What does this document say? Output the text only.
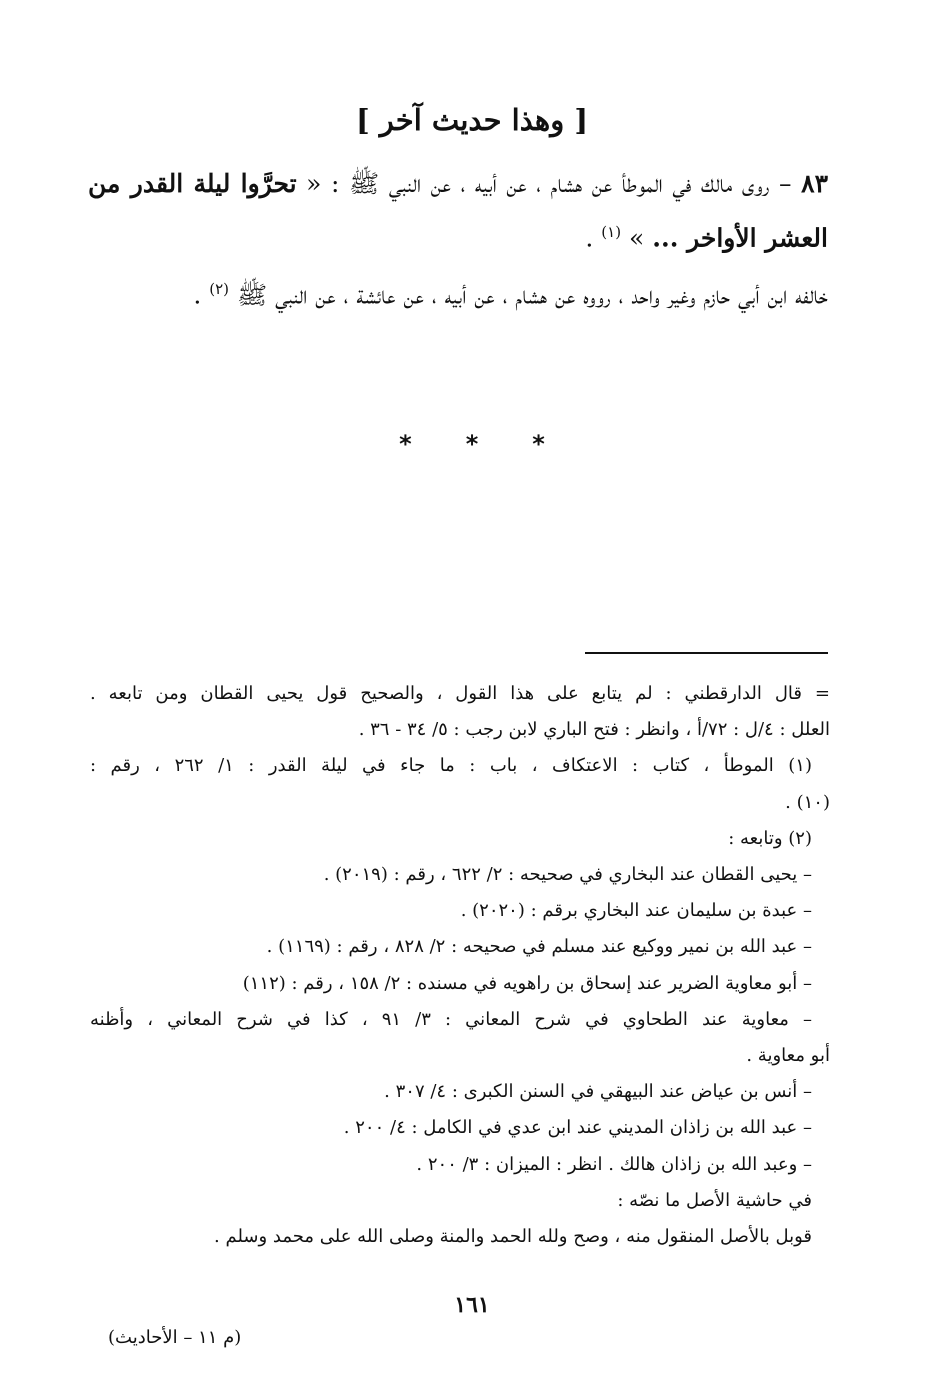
[ وهذا حديث آخر ]
٨٣ – روى مالك في الموطأ عن هشام ، عن أبيه ، عن النبي ﷺ : « تحرَّوا ليلة القدر من العشر الأواخر ... » $^{(١)}$ .
خالفه ابن أبي حازم وغير واحد ، رووه عن هشام ، عن أبيه ، عن عائشة ، عن النبي ﷺ $^{(٢)}$ .
* * *
= قال الدارقطني : لم يتابع على هذا القول ، والصحيح قول يحيى القطان ومن تابعه .
العلل : ٤/ل : ٧٢/أ ، وانظر : فتح الباري لابن رجب : ٥/ ٣٤ - ٣٦ .
(١) الموطأ ، كتاب : الاعتكاف ، باب : ما جاء في ليلة القدر : ١/ ٢٦٢ ، رقم :
(١٠) .
(٢) وتابعه :
– يحيى القطان عند البخاري في صحيحه : ٢/ ٦٢٢ ، رقم : (٢٠١٩) .
– عبدة بن سليمان عند البخاري برقم : (٢٠٢٠) .
– عبد الله بن نمير ووكيع عند مسلم في صحيحه : ٢/ ٨٢٨ ، رقم : (١١٦٩) .
– أبو معاوية الضرير عند إسحاق بن راهويه في مسنده : ٢/ ١٥٨ ، رقم : (١١٢)
– معاوية عند الطحاوي في شرح المعاني : ٣/ ٩١ ، كذا في شرح المعاني ، وأظنه
أبو معاوية .
– أنس بن عياض عند البيهقي في السنن الكبرى : ٤/ ٣٠٧ .
– عبد الله بن زاذان المديني عند ابن عدي في الكامل : ٤/ ٢٠٠ .
– وعبد الله بن زاذان هالك . انظر : الميزان : ٣/ ٢٠٠ .
في حاشية الأصل ما نصّه :
قوبل بالأصل المنقول منه ، وصح ولله الحمد والمنة وصلى الله على محمد وسلم .
١٦١
(م ١١ – الأحاديث)
